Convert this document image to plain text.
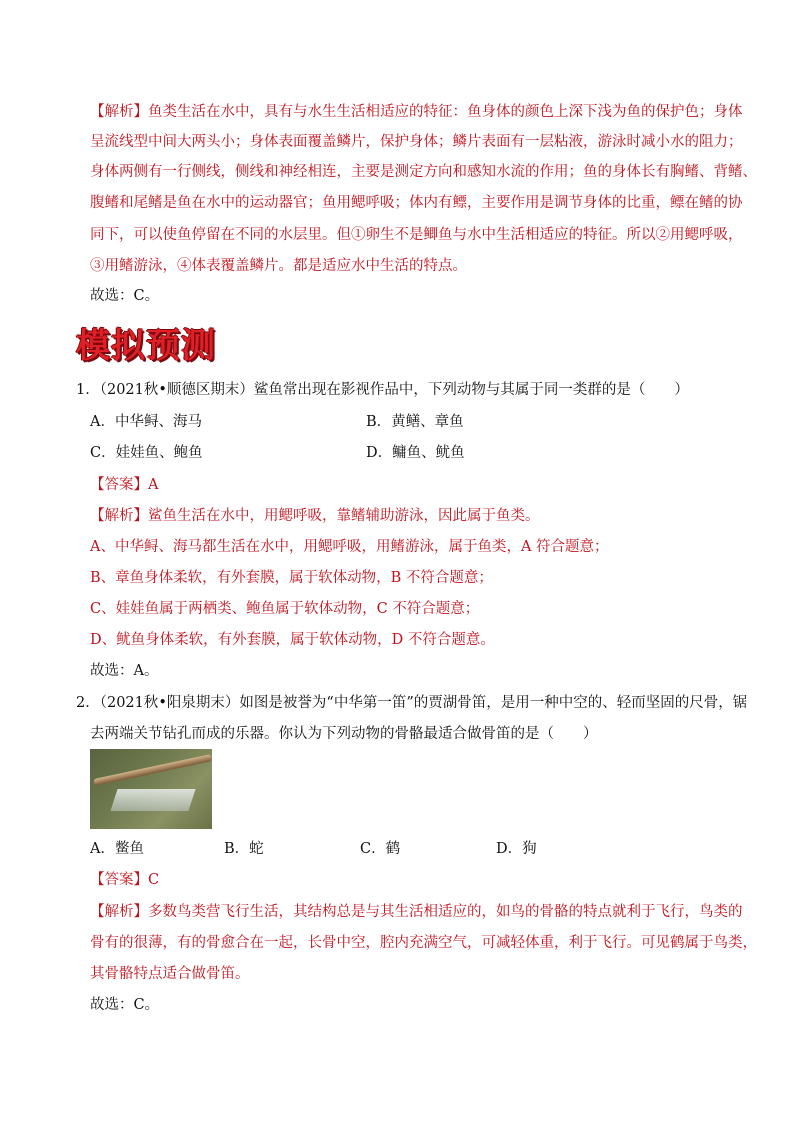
【解析】鱼类生活在水中，具有与水生生活相适应的特征：鱼身体的颜色上深下浅为鱼的保护色；身体
呈流线型中间大两头小；身体表面覆盖鳞片，保护身体；鳞片表面有一层粘液，游泳时减小水的阻力；
身体两侧有一行侧线，侧线和神经相连，主要是测定方向和感知水流的作用；鱼的身体长有胸鳍、背鳍、
腹鳍和尾鳍是鱼在水中的运动器官；鱼用鳃呼吸；体内有鳔，主要作用是调节身体的比重，鳔在鳍的协
同下，可以使鱼停留在不同的水层里。但①卵生不是鲫鱼与水中生活相适应的特征。所以②用鳃呼吸，
③用鳍游泳，④体表覆盖鳞片。都是适应水中生活的特点。
故选：C。
模拟预测
1．（2021秋•顺德区期末）鲨鱼常出现在影视作品中，下列动物与其属于同一类群的是（　　）
A．中华鲟、海马	B．黄鳝、章鱼
C．娃娃鱼、鲍鱼	D．鳙鱼、鱿鱼
【答案】A
【解析】鲨鱼生活在水中，用鳃呼吸，靠鳍辅助游泳，因此属于鱼类。
A、中华鲟、海马都生活在水中，用鳃呼吸，用鳍游泳，属于鱼类，A 符合题意；
B、章鱼身体柔软，有外套膜，属于软体动物，B 不符合题意；
C、娃娃鱼属于两栖类、鲍鱼属于软体动物，C 不符合题意；
D、鱿鱼身体柔软，有外套膜，属于软体动物，D 不符合题意。
故选：A。
2．（2021秋•阳泉期末）如图是被誉为“中华第一笛”的贾湖骨笛，是用一种中空的、轻而坚固的尺骨，锯
去两端关节钻孔而成的乐器。你认为下列动物的骨骼最适合做骨笛的是（　　）
A．鳖鱼	B．蛇	C．鹤	D．狗
【答案】C
【解析】多数鸟类营飞行生活，其结构总是与其生活相适应的，如鸟的骨骼的特点就利于飞行，鸟类的
骨有的很薄，有的骨愈合在一起，长骨中空，腔内充满空气，可减轻体重，利于飞行。可见鹤属于鸟类，
其骨骼特点适合做骨笛。
故选：C。
